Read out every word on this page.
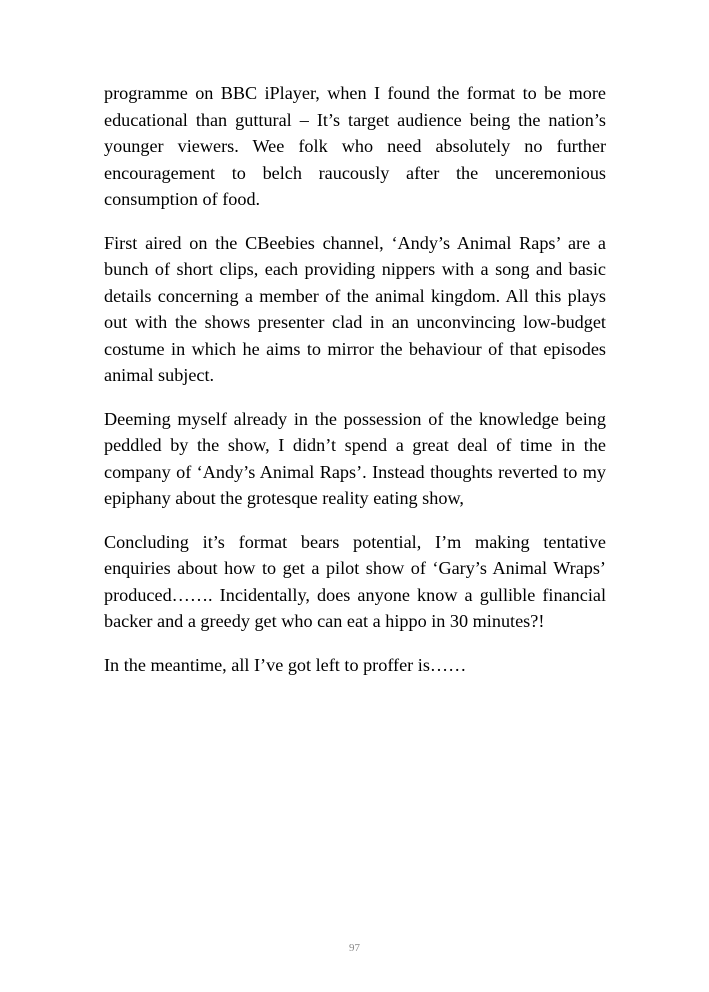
programme on BBC iPlayer, when I found the format to be more educational than guttural – It’s target audience being the nation’s younger viewers. Wee folk who need absolutely no further encouragement to belch raucously after the unceremonious consumption of food.

First aired on the CBeebies channel, ‘Andy’s Animal Raps’ are a bunch of short clips, each providing nippers with a song and basic details concerning a member of the animal kingdom. All this plays out with the shows presenter clad in an unconvincing low-budget costume in which he aims to mirror the behaviour of that episodes animal subject.

Deeming myself already in the possession of the knowledge being peddled by the show, I didn’t spend a great deal of time in the company of ‘Andy’s Animal Raps’. Instead thoughts reverted to my epiphany about the grotesque reality eating show,

Concluding it’s format bears potential, I’m making tentative enquiries about how to get a pilot show of ‘Gary’s Animal Wraps’ produced……. Incidentally, does anyone know a gullible financial backer and a greedy get who can eat a hippo in 30 minutes?!

In the meantime, all I’ve got left to proffer is……

97
